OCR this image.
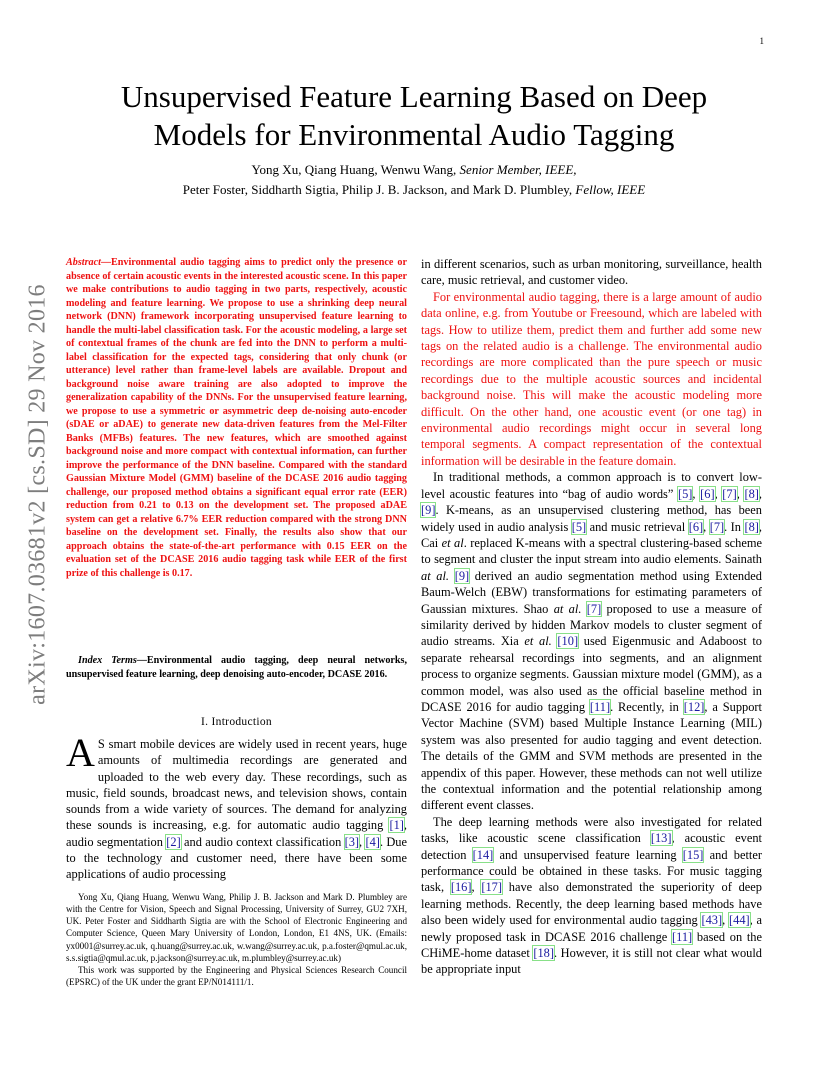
1
arXiv:1607.03681v2 [cs.SD] 29 Nov 2016
Unsupervised Feature Learning Based on Deep
Models for Environmental Audio Tagging
Yong Xu, Qiang Huang, Wenwu Wang, Senior Member, IEEE,
Peter Foster, Siddharth Sigtia, Philip J. B. Jackson, and Mark D. Plumbley, Fellow, IEEE
Abstract—Environmental audio tagging aims to predict only the presence or absence of certain acoustic events in the interested acoustic scene. In this paper we make contributions to audio tagging in two parts, respectively, acoustic modeling and feature learning. We propose to use a shrinking deep neural network (DNN) framework incorporating unsupervised feature learning to handle the multi-label classification task. For the acoustic modeling, a large set of contextual frames of the chunk are fed into the DNN to perform a multi-label classification for the expected tags, considering that only chunk (or utterance) level rather than frame-level labels are available. Dropout and background noise aware training are also adopted to improve the generalization capability of the DNNs. For the unsupervised feature learning, we propose to use a symmetric or asymmetric deep de-noising auto-encoder (sDAE or aDAE) to generate new data-driven features from the Mel-Filter Banks (MFBs) features. The new features, which are smoothed against background noise and more compact with contextual information, can further improve the performance of the DNN baseline. Compared with the standard Gaussian Mixture Model (GMM) baseline of the DCASE 2016 audio tagging challenge, our proposed method obtains a significant equal error rate (EER) reduction from 0.21 to 0.13 on the development set. The proposed aDAE system can get a relative 6.7% EER reduction compared with the strong DNN baseline on the development set. Finally, the results also show that our approach obtains the state-of-the-art performance with 0.15 EER on the evaluation set of the DCASE 2016 audio tagging task while EER of the first prize of this challenge is 0.17.
Index Terms—Environmental audio tagging, deep neural networks, unsupervised feature learning, deep denoising auto-encoder, DCASE 2016.
I. Introduction
A S smart mobile devices are widely used in recent years, huge amounts of multimedia recordings are generated and uploaded to the web every day. These recordings, such as music, field sounds, broadcast news, and television shows, contain sounds from a wide variety of sources. The demand for analyzing these sounds is increasing, e.g. for automatic audio tagging [1], audio segmentation [2] and audio context classification [3], [4]. Due to the technology and customer need, there have been some applications of audio processing

Yong Xu, Qiang Huang, Wenwu Wang, Philip J. B. Jackson and Mark D. Plumbley are with the Centre for Vision, Speech and Signal Processing, University of Surrey, GU2 7XH, UK. Peter Foster and Siddharth Sigtia are with the School of Electronic Engineering and Computer Science, Queen Mary University of London, London, E1 4NS, UK. (Emails: yx0001@surrey.ac.uk, q.huang@surrey.ac.uk, w.wang@surrey.ac.uk, p.a.foster@qmul.ac.uk, s.s.sigtia@qmul.ac.uk, p.jackson@surrey.ac.uk, m.plumbley@surrey.ac.uk)

This work was supported by the Engineering and Physical Sciences Research Council (EPSRC) of the UK under the grant EP/N014111/1.

in different scenarios, such as urban monitoring, surveillance, health care, music retrieval, and customer video.

For environmental audio tagging, there is a large amount of audio data online, e.g. from Youtube or Freesound, which are labeled with tags. How to utilize them, predict them and further add some new tags on the related audio is a challenge. The environmental audio recordings are more complicated than the pure speech or music recordings due to the multiple acoustic sources and incidental background noise. This will make the acoustic modeling more difficult. On the other hand, one acoustic event (or one tag) in environmental audio recordings might occur in several long temporal segments. A compact representation of the contextual information will be desirable in the feature domain.

In traditional methods, a common approach is to convert low-level acoustic features into “bag of audio words” [5], [6], [7], [8], [9]. K-means, as an unsupervised clustering method, has been widely used in audio analysis [5] and music retrieval [6], [7]. In [8], Cai et al. replaced K-means with a spectral clustering-based scheme to segment and cluster the input stream into audio elements. Sainath at al. [9] derived an audio segmentation method using Extended Baum-Welch (EBW) transformations for estimating parameters of Gaussian mixtures. Shao at al. [7] proposed to use a measure of similarity derived by hidden Markov models to cluster segment of audio streams. Xia et al. [10] used Eigenmusic and Adaboost to separate rehearsal recordings into segments, and an alignment process to organize segments. Gaussian mixture model (GMM), as a common model, was also used as the official baseline method in DCASE 2016 for audio tagging [11]. Recently, in [12], a Support Vector Machine (SVM) based Multiple Instance Learning (MIL) system was also presented for audio tagging and event detection. The details of the GMM and SVM methods are presented in the appendix of this paper. However, these methods can not well utilize the contextual information and the potential relationship among different event classes.

The deep learning methods were also investigated for related tasks, like acoustic scene classification [13], acoustic event detection [14] and unsupervised feature learning [15] and better performance could be obtained in these tasks. For music tagging task, [16], [17] have also demonstrated the superiority of deep learning methods. Recently, the deep learning based methods have also been widely used for environmental audio tagging [43], [44], a newly proposed task in DCASE 2016 challenge [11] based on the CHiME-home dataset [18]. However, it is still not clear what would be appropriate input
